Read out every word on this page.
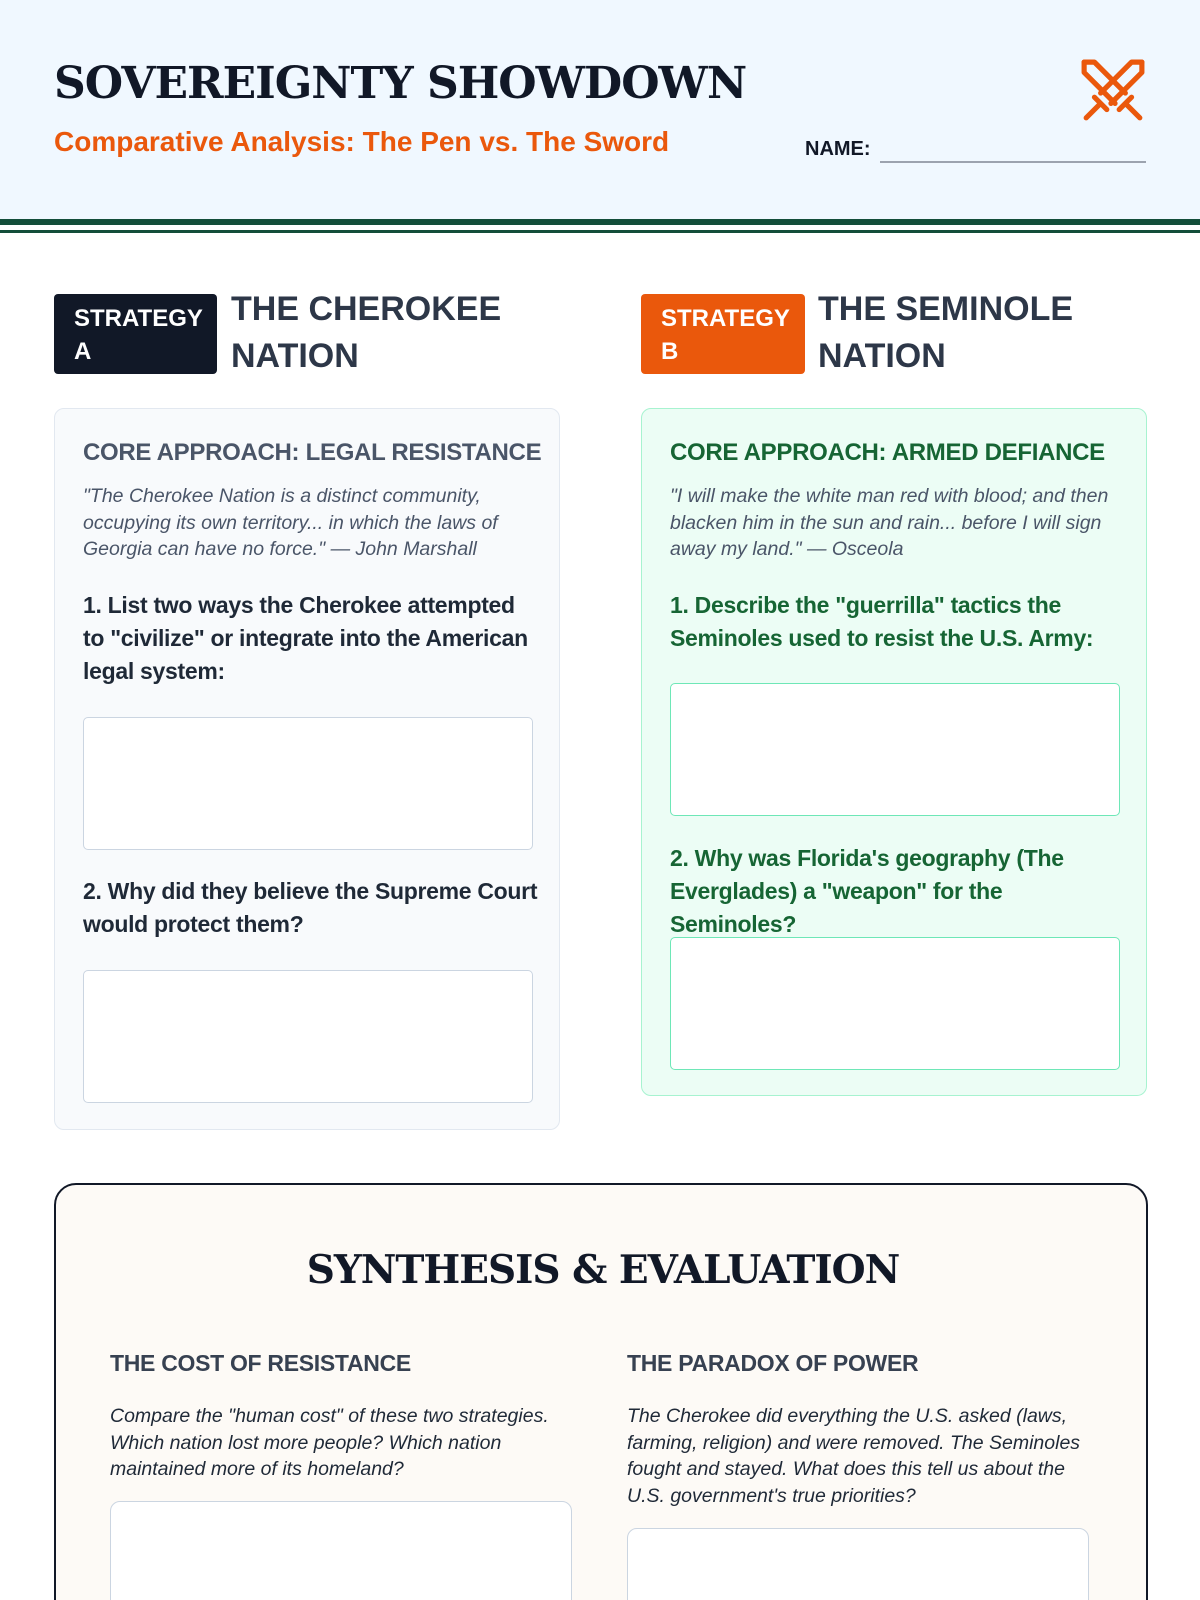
SOVEREIGNTY SHOWDOWN
Comparative Analysis: The Pen vs. The Sword	NAME:
STRATEGY A
THE CHEROKEE NATION
STRATEGY B
THE SEMINOLE NATION
CORE APPROACH: LEGAL RESISTANCE
"The Cherokee Nation is a distinct community, occupying its own territory... in which the laws of Georgia can have no force." — John Marshall
1. List two ways the Cherokee attempted to "civilize" or integrate into the American legal system:
2. Why did they believe the Supreme Court would protect them?
CORE APPROACH: ARMED DEFIANCE
"I will make the white man red with blood; and then blacken him in the sun and rain... before I will sign away my land." — Osceola
1. Describe the "guerrilla" tactics the Seminoles used to resist the U.S. Army:
2. Why was Florida's geography (The Everglades) a "weapon" for the Seminoles?
SYNTHESIS & EVALUATION
THE COST OF RESISTANCE
Compare the "human cost" of these two strategies. Which nation lost more people? Which nation maintained more of its homeland?
THE PARADOX OF POWER
The Cherokee did everything the U.S. asked (laws, farming, religion) and were removed. The Seminoles fought and stayed. What does this tell us about the U.S. government's true priorities?
